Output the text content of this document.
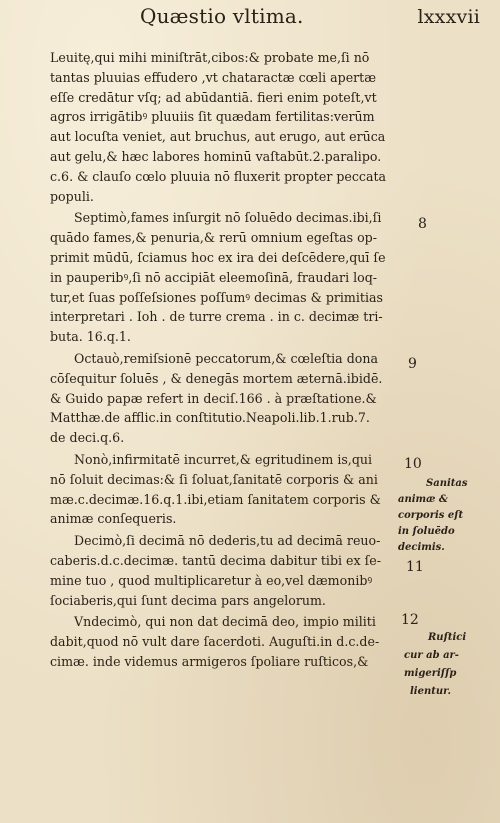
Quæstio vltima.	lxxxvii
Leuitę,qui mihi miniſtrāt,cibos:& probate me,ſi nō
tantas pluuias effudero ,vt chataractæ cœli apertæ
eſſe credātur vſq; ad abūdantiā. fieri enim poteſt,vt
agros irrigātibꝰ pluuiis ſit quædam fertilitas:verūm
aut locuſta veniet, aut bruchus, aut erugo, aut erūca
aut gelu,& hæc labores hominū vaſtabūt.2.paralipo.
c.6. & clauſo cœlo pluuia nō fluxerit propter peccata
populi.
Septimò,fames inſurgit nō ſoluēdo decimas.ibi,ſi
quādo fames,& penuria,& rerū omnium egeſtas op-
primit mūdū, ſciamus hoc ex ira dei deſcēdere,quī ſe
in pauperibꝰ,ſi nō accipiāt eleemoſinā, fraudari loq-
tur,et ſuas poſſeſsiones poſſumꝰ decimas & primitias
interpretari . Ioh . de turre crema . in c. decimæ tri-
buta. 16.q.1.
Octauò,remiſsionē peccatorum,& cœleſtia dona
cōſequitur ſoluēs , & denegās mortem æternā.ibidē.
& Guido papæ refert in deciſ.166 . à præſtatione.&
Matthæ.de afflic.in conſtitutio.Neapoli.lib.1.rub.7.
de deci.q.6.
Nonò,infirmitatē incurret,& egritudinem is,qui
nō ſoluit decimas:& ſi ſoluat,ſanitatē corporis & ani
mæ.c.decimæ.16.q.1.ibi,etiam ſanitatem corporis &
animæ conſequeris.
Decimò,ſi decimā nō dederis,tu ad decimā reuo-
caberis.d.c.decimæ. tantū decima dabitur tibi ex ſe-
mine tuo , quod multiplicaretur à eo,vel dæmonibꝰ
ſociaberis,qui ſunt decima pars angelorum.
Vndecimò, qui non dat decimā deo, impio militi
dabit,quod nō vult dare ſacerdoti. Auguſti.in d.c.de-
cimæ. inde videmus armigeros ſpoliare ruſticos,&
8
9
10
11
12
Sanitas
animæ &
corporis eſt
in ſoluēdo
decimis.
Ruſtici
cur ab ar-
migeriſſp
lientur.
